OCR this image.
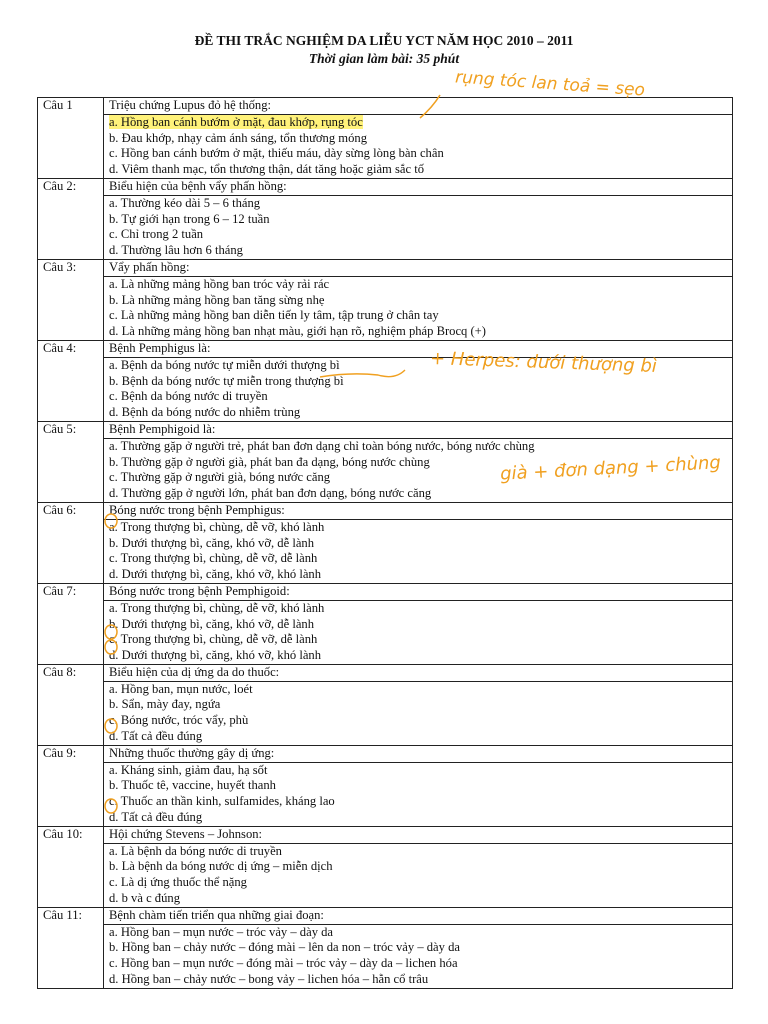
ĐỀ THI TRẮC NGHIỆM DA LIỄU YCT NĂM HỌC 2010 – 2011
Thời gian làm bài: 35 phút
Câu 1	Triệu chứng Lupus đỏ hệ thống:

	a. Hồng ban cánh bướm ở mặt, đau khớp, rụng tóc
b. Đau khớp, nhạy cảm ánh sáng, tổn thương móng
c. Hồng ban cánh bướm ở mặt, thiếu máu, dày sừng lòng bàn chân
d. Viêm thanh mạc, tổn thương thận, dát tăng hoặc giảm sắc tố

Câu 2:	Biểu hiện của bệnh vẩy phấn hồng:

	a. Thường kéo dài 5 – 6 tháng
b. Tự giới hạn trong 6 – 12 tuần
c. Chỉ trong 2 tuần
d. Thường lâu hơn 6 tháng

Câu 3:	Vẩy phấn hồng:

	a. Là những mảng hồng ban tróc vảy rải rác
b. Là những mảng hồng ban tăng sừng nhẹ
c. Là những mảng hồng ban diễn tiến ly tâm, tập trung ở chân tay
d. Là những mảng hồng ban nhạt màu, giới hạn rõ, nghiệm pháp Brocq (+)

Câu 4:	Bệnh Pemphigus là:

	a. Bệnh da bóng nước tự miễn dưới thượng bì
b. Bệnh da bóng nước tự miễn trong thượng bì
c. Bệnh da bóng nước di truyền
d. Bệnh da bóng nước do nhiễm trùng

Câu 5:	Bệnh Pemphigoid là:

	a. Thường gặp ở người trẻ, phát ban đơn dạng chỉ toàn bóng nước, bóng nước chùng
b. Thường gặp ở người già, phát ban đa dạng, bóng nước chùng
c. Thường gặp ở người già, bóng nước căng
d. Thường gặp ở người lớn, phát ban đơn dạng, bóng nước căng

Câu 6:	Bóng nước trong bệnh Pemphigus:

	a. Trong thượng bì, chùng, dễ vỡ, khó lành
b. Dưới thượng bì, căng, khó vỡ, dễ lành
c. Trong thượng bì, chùng, dễ vỡ, dễ lành
d. Dưới thượng bì, căng, khó vỡ, khó lành

Câu 7:	Bóng nước trong bệnh Pemphigoid:

	a. Trong thượng bì, chùng, dễ vỡ, khó lành
b. Dưới thượng bì, căng, khó vỡ, dễ lành
c. Trong thượng bì, chùng, dễ vỡ, dễ lành
d. Dưới thượng bì, căng, khó vỡ, khó lành

Câu 8:	Biểu hiện của dị ứng da do thuốc:

	a. Hồng ban, mụn nước, loét
b. Sẩn, mày đay, ngứa
c. Bóng nước, tróc vẩy, phù
d. Tất cả đều đúng

Câu 9:	Những thuốc thường gây dị ứng:

	a. Kháng sinh, giảm đau, hạ sốt
b. Thuốc tê, vaccine, huyết thanh
c. Thuốc an thần kinh, sulfamides, kháng lao
d. Tất cả đều đúng

Câu 10:	Hội chứng Stevens – Johnson:

	a. Là bệnh da bóng nước di truyền
b. Là bệnh da bóng nước dị ứng – miễn dịch
c. Là dị ứng thuốc thể nặng
d. b và c đúng

Câu 11:	Bệnh chàm tiến triển qua những giai đoạn:

	a. Hồng ban – mụn nước – tróc vảy – dày da
b. Hồng ban – chảy nước – đóng mài – lên da non – tróc vảy – dày da
c. Hồng ban – mụn nước – đóng mài – tróc vảy – dày da – lichen hóa
d. Hồng ban – chảy nước – bong vảy – lichen hóa – hằn cổ trâu
rụng tóc lan toả = sẹo
+ Herpes: dưới thượng bì
già + đơn dạng + chùng
